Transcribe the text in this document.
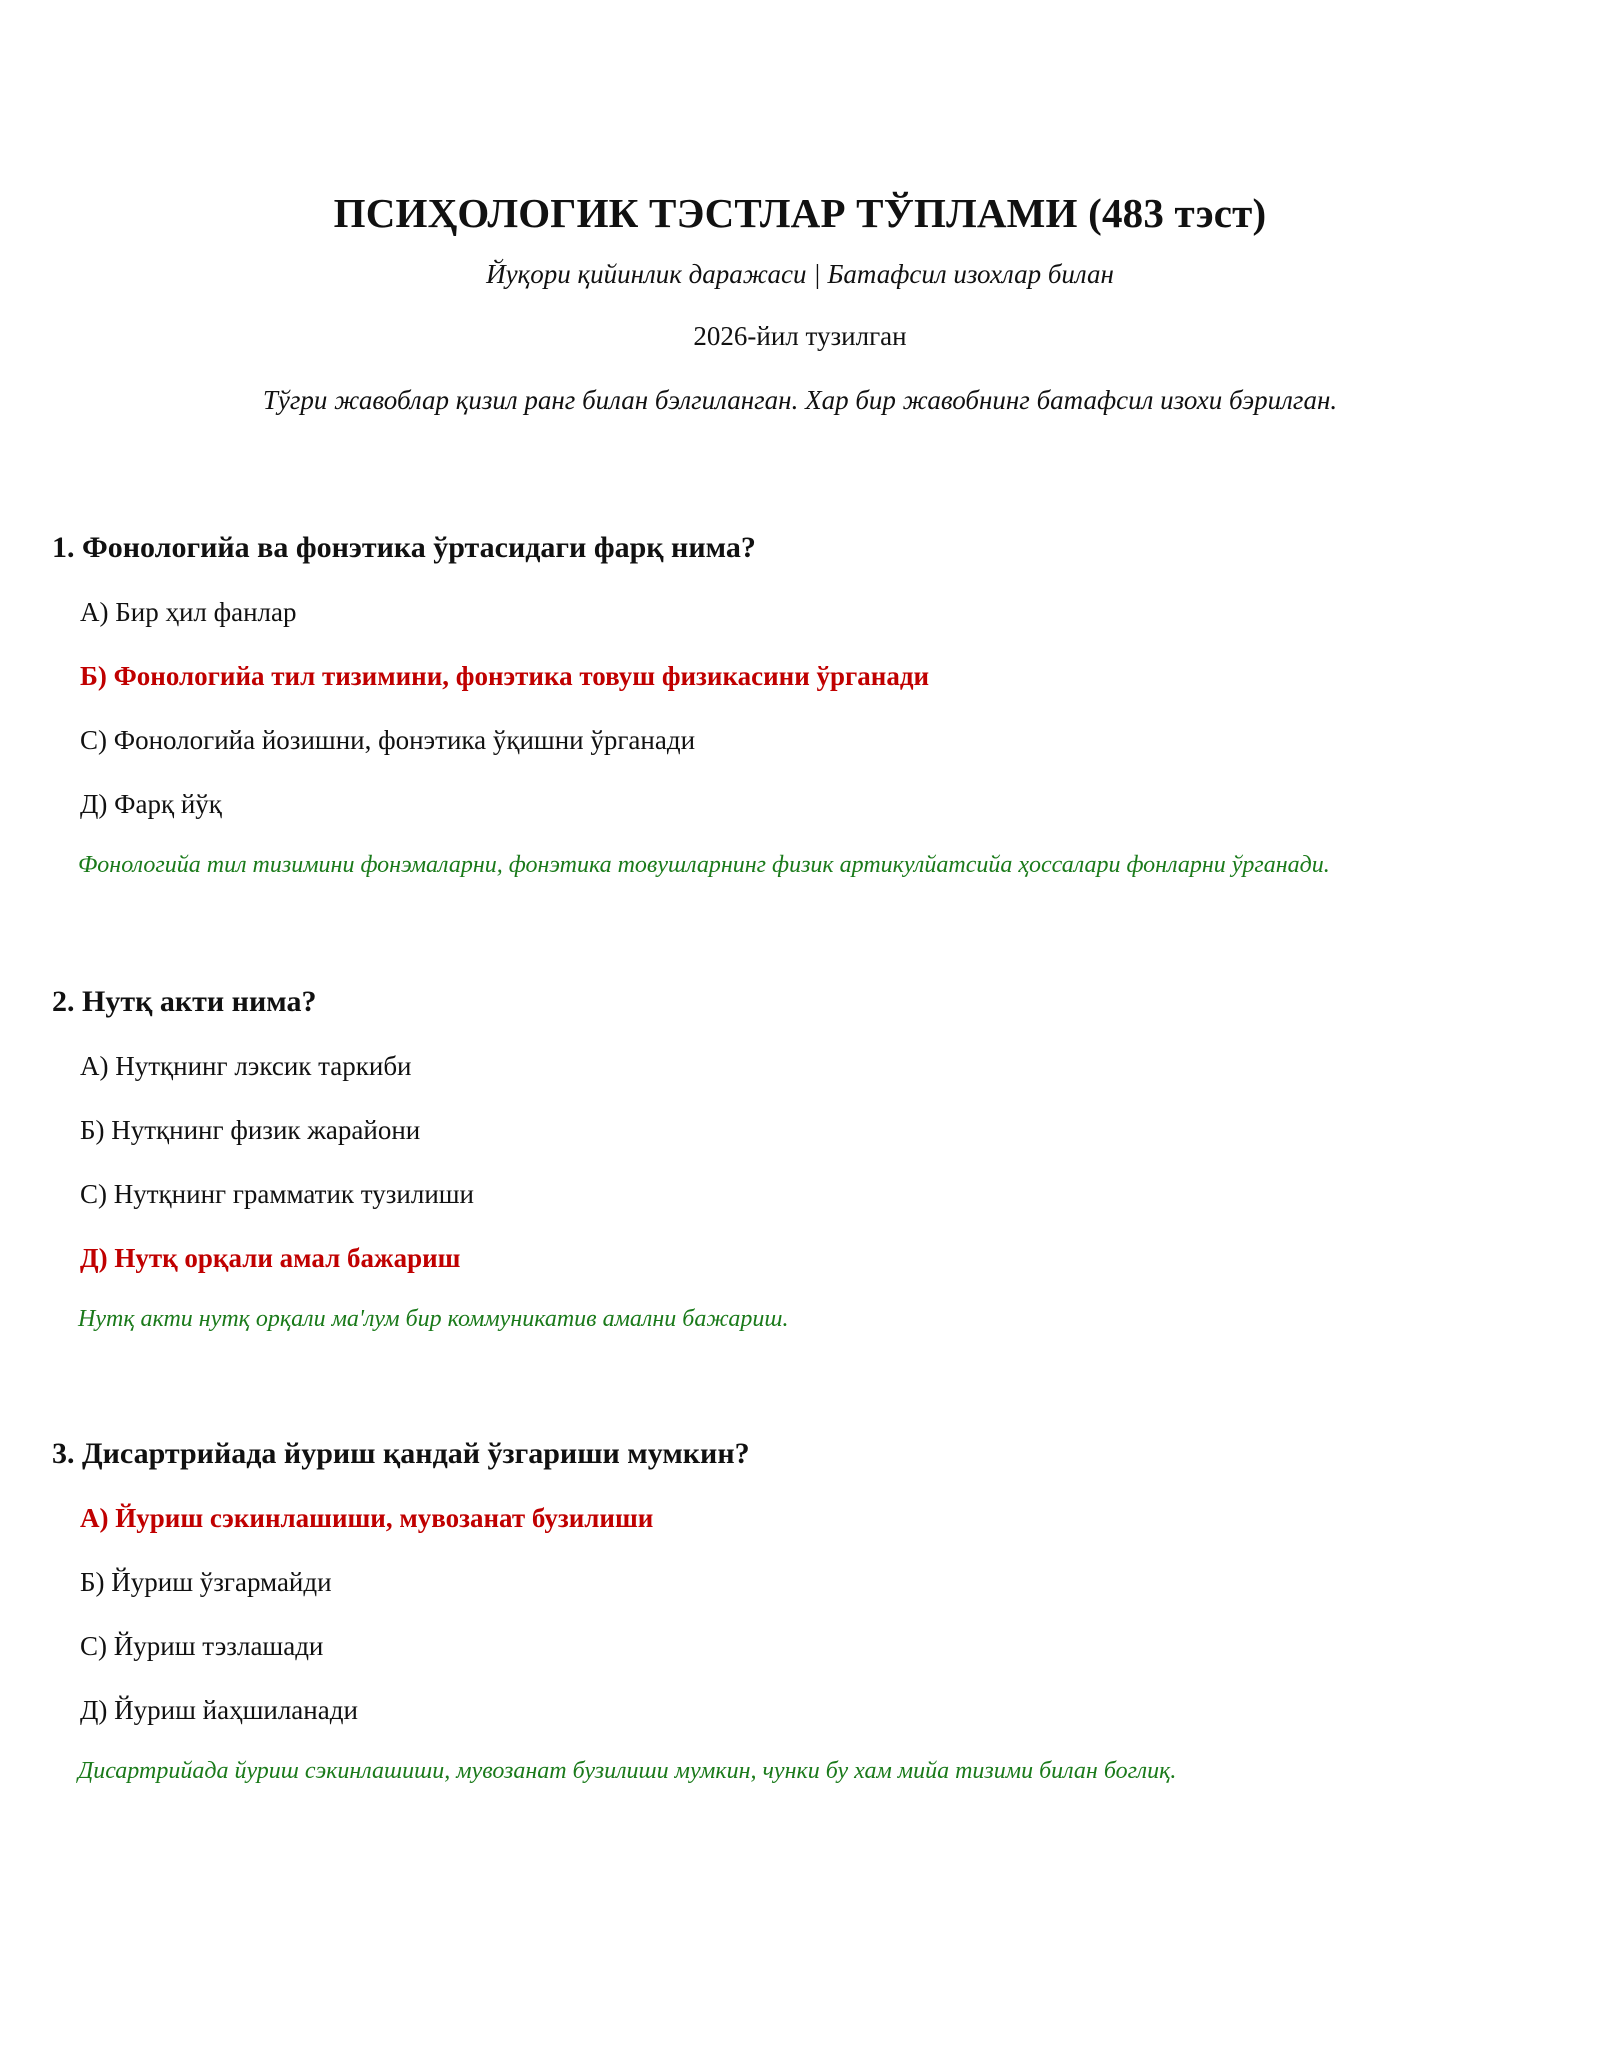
ПСИҲОЛОГИК ТЭСТЛАР ТЎПЛАМИ (483 тэст)
Йуқори қийинлик даражаси | Батафсил изохлар билан
2026-йил тузилган
Тўгри жавоблар қизил ранг билан бэлгиланган. Хар бир жавобнинг батафсил изохи бэрилган.
1. Фонологийа ва фонэтика ўртасидаги фарқ нима?
А) Бир ҳил фанлар
Б) Фонологийа тил тизимини, фонэтика товуш физикасини ўрганади
С) Фонологийа йозишни, фонэтика ўқишни ўрганади
Д) Фарқ йўқ
Фонологийа тил тизимини фонэмаларни, фонэтика товушларнинг физик артикулйатсийа ҳоссалари фонларни ўрганади.
2. Нутқ акти нима?
А) Нутқнинг лэксик таркиби
Б) Нутқнинг физик жарайони
С) Нутқнинг грамматик тузилиши
Д) Нутқ орқали амал бажариш
Нутқ акти нутқ орқали ма'лум бир коммуникатив амални бажариш.
3. Дисартрийада йуриш қандай ўзгариши мумкин?
А) Йуриш сэкинлашиши, мувозанат бузилиши
Б) Йуриш ўзгармайди
С) Йуриш тэзлашади
Д) Йуриш йаҳшиланади
Дисартрийада йуриш сэкинлашиши, мувозанат бузилиши мумкин, чунки бу хам мийа тизими билан боглиқ.
